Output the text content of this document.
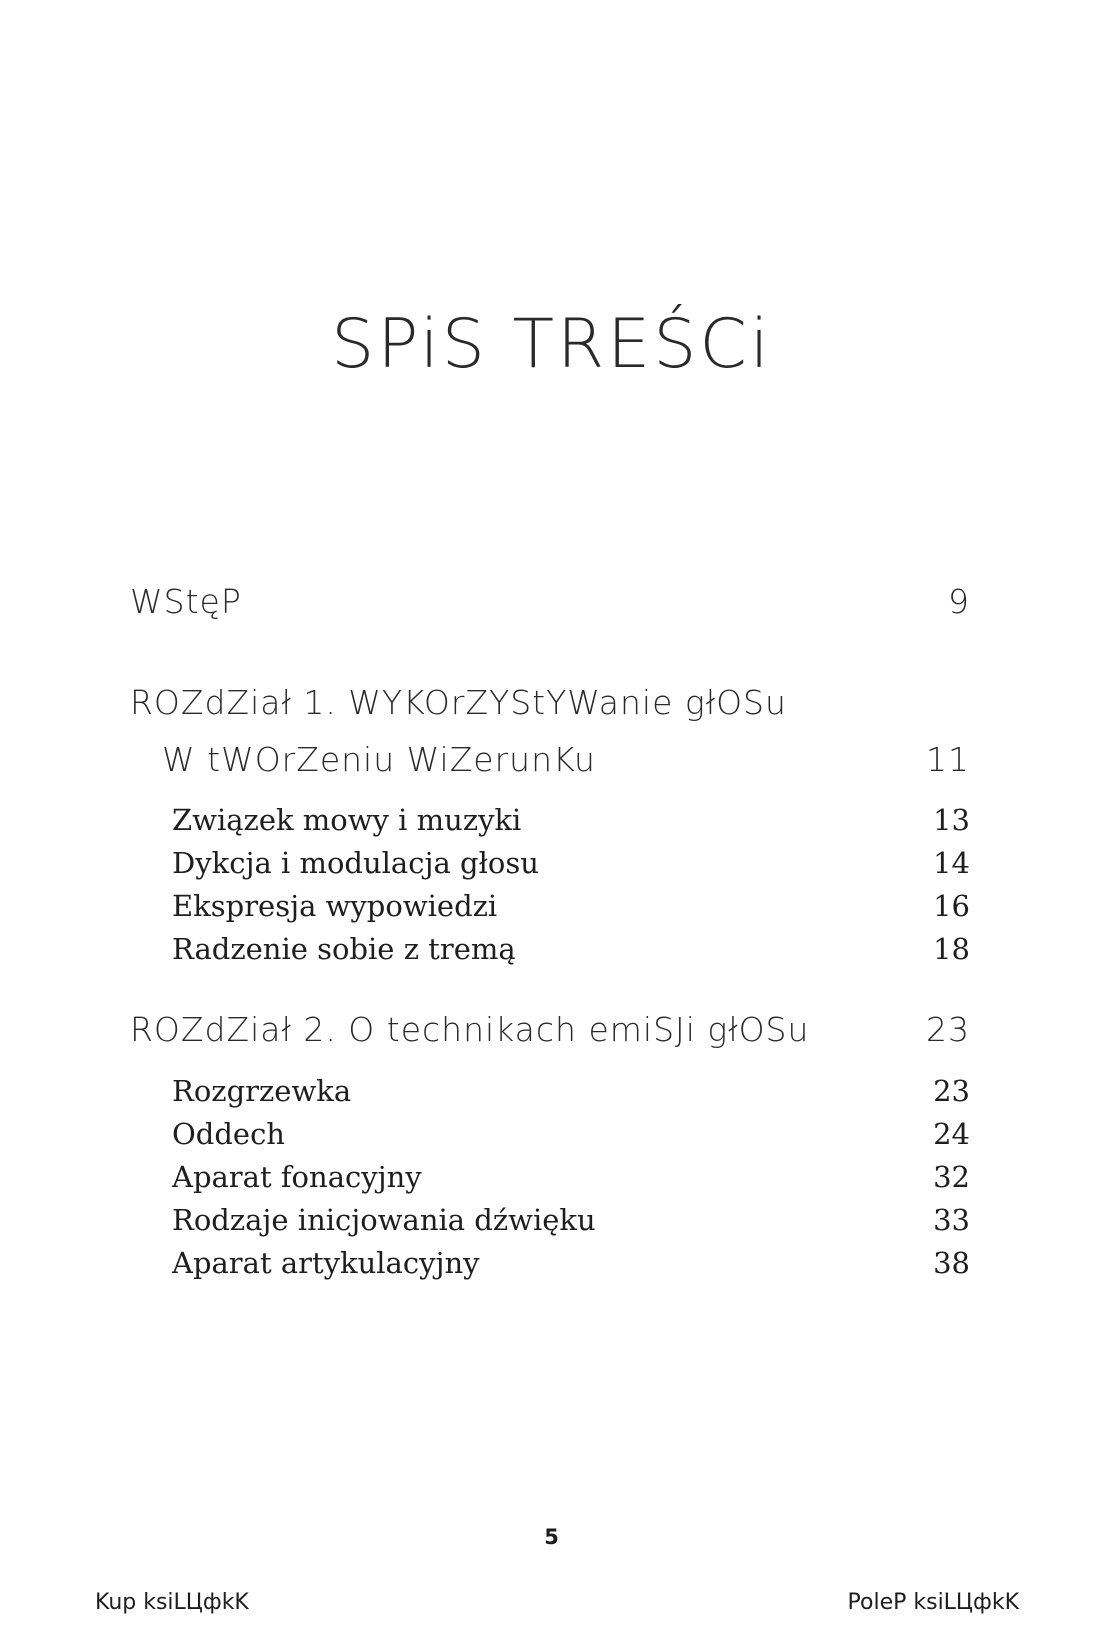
SPiS TREŚCi
WStęP	9
ROZdZiał 1. WYKOrZYStYWanie głOSu
W tWOrZeniu WiZerunKu	11
Związek mowy i muzyki	13
Dykcja i modulacja głosu	14
Ekspresja wypowiedzi	16
Radzenie sobie z tremą	18
ROZdZiał 2. O technikach emiSJi głOSu	23
Rozgrzewka	23
Oddech	24
Aparat fonacyjny	32
Rodzaje inicjowania dźwięku	33
Aparat artykulacyjny	38
5
Kup ksiLЦфkK	PoleP ksiLЦфkK
